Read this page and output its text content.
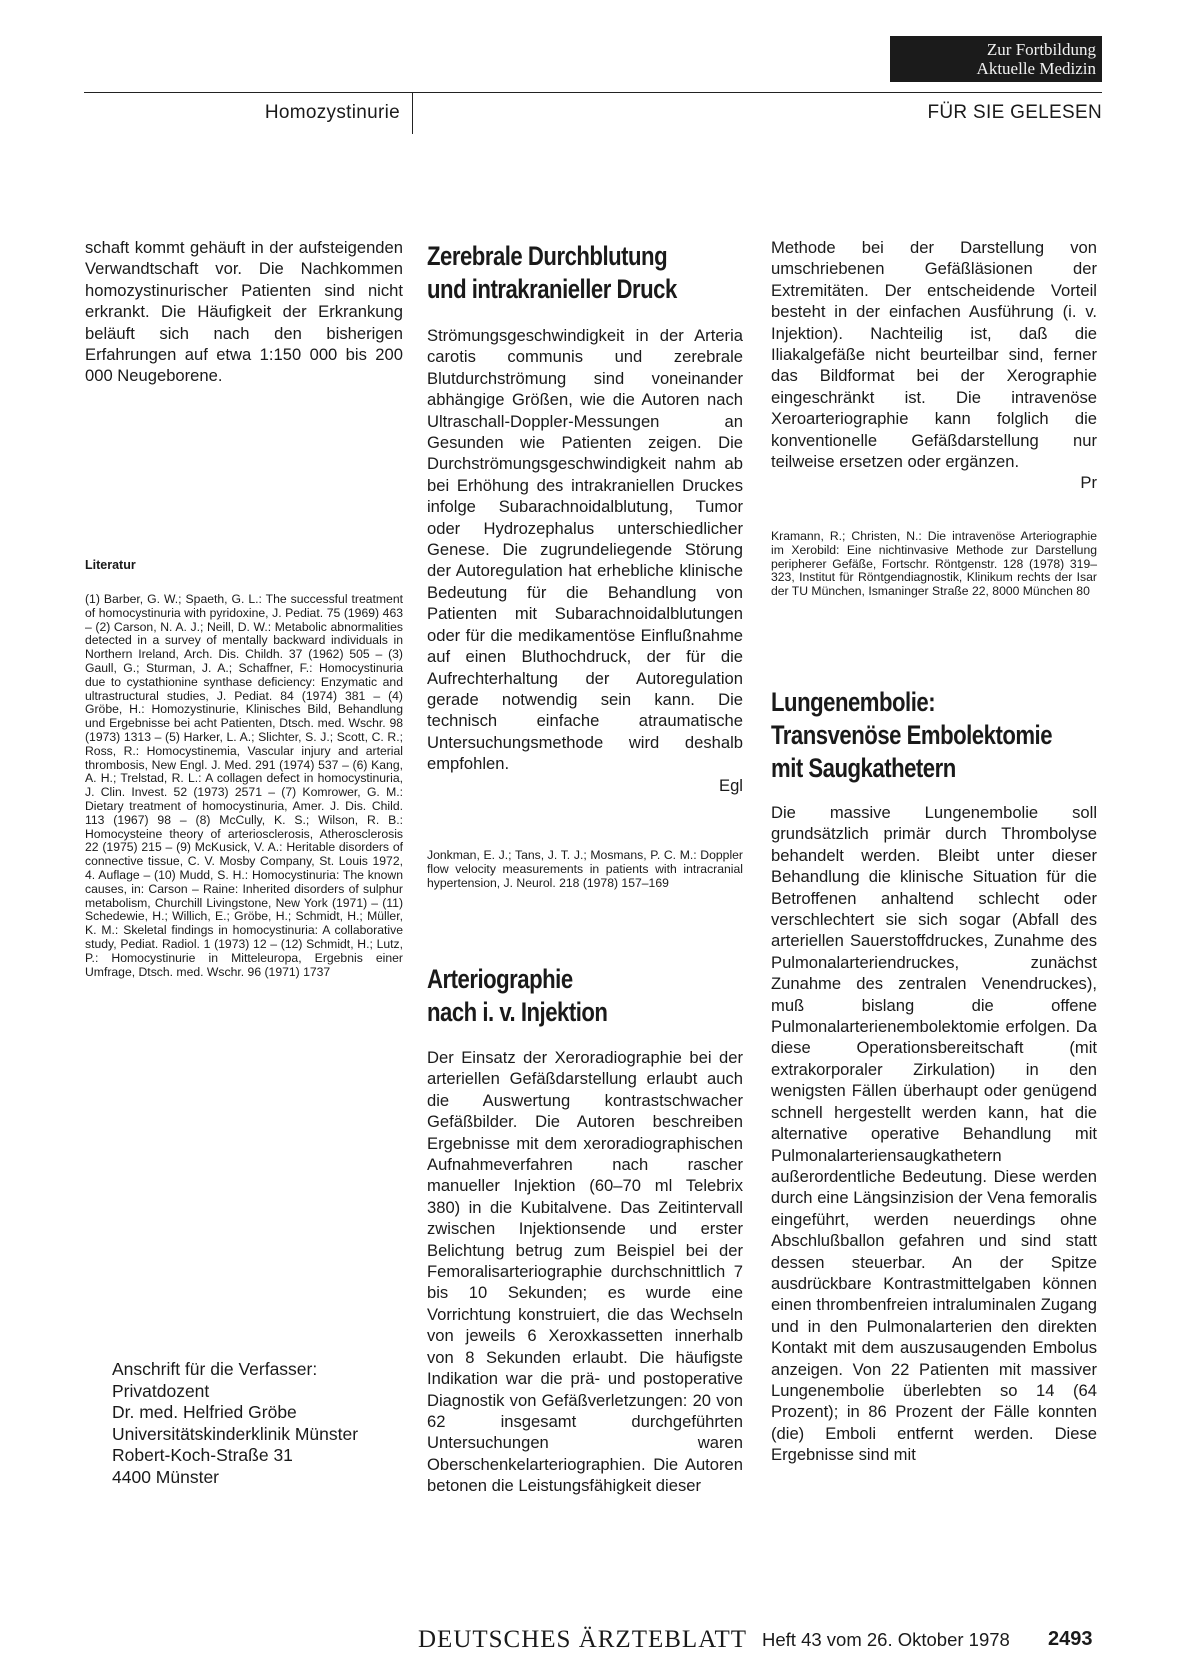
Zur Fortbildung
Aktuelle Medizin
Homozystinurie	FÜR SIE GELESEN
schaft kommt gehäuft in der aufsteigenden Verwandtschaft vor. Die Nachkommen homozystinurischer Patienten sind nicht erkrankt. Die Häufigkeit der Erkrankung beläuft sich nach den bisherigen Erfahrungen auf etwa 1:150 000 bis 200 000 Neugeborene.
Literatur
(1) Barber, G. W.; Spaeth, G. L.: The successful treatment of homocystinuria with pyridoxine, J. Pediat. 75 (1969) 463 – (2) Carson, N. A. J.; Neill, D. W.: Metabolic abnormalities detected in a survey of mentally backward individuals in Northern Ireland, Arch. Dis. Childh. 37 (1962) 505 – (3) Gaull, G.; Sturman, J. A.; Schaffner, F.: Homocystinuria due to cystathionine synthase deficiency: Enzymatic and ultrastructural studies, J. Pediat. 84 (1974) 381 – (4) Gröbe, H.: Homozystinurie, Klinisches Bild, Behandlung und Ergebnisse bei acht Patienten, Dtsch. med. Wschr. 98 (1973) 1313 – (5) Harker, L. A.; Slichter, S. J.; Scott, C. R.; Ross, R.: Homocystinemia, Vascular injury and arterial thrombosis, New Engl. J. Med. 291 (1974) 537 – (6) Kang, A. H.; Trelstad, R. L.: A collagen defect in homocystinuria, J. Clin. Invest. 52 (1973) 2571 – (7) Komrower, G. M.: Dietary treatment of homocystinuria, Amer. J. Dis. Child. 113 (1967) 98 – (8) McCully, K. S.; Wilson, R. B.: Homocysteine theory of arteriosclerosis, Atherosclerosis 22 (1975) 215 – (9) McKusick, V. A.: Heritable disorders of connective tissue, C. V. Mosby Company, St. Louis 1972, 4. Auflage – (10) Mudd, S. H.: Homocystinuria: The known causes, in: Carson – Raine: Inherited disorders of sulphur metabolism, Churchill Livingstone, New York (1971) – (11) Schedewie, H.; Willich, E.; Gröbe, H.; Schmidt, H.; Müller, K. M.: Skeletal findings in homocystinuria: A collaborative study, Pediat. Radiol. 1 (1973) 12 – (12) Schmidt, H.; Lutz, P.: Homocystinurie in Mitteleuropa, Ergebnis einer Umfrage, Dtsch. med. Wschr. 96 (1971) 1737
Anschrift für die Verfasser:
Privatdozent
Dr. med. Helfried Gröbe
Universitätskinderklinik Münster
Robert-Koch-Straße 31
4400 Münster
Zerebrale Durchblutung
und intrakranieller Druck
Strömungsgeschwindigkeit in der Arteria carotis communis und zerebrale Blutdurchströmung sind voneinander abhängige Größen, wie die Autoren nach Ultraschall-Doppler-Messungen an Gesunden wie Patienten zeigen. Die Durchströmungsgeschwindigkeit nahm ab bei Erhöhung des intrakraniellen Druckes infolge Subarachnoidalblutung, Tumor oder Hydrozephalus unterschiedlicher Genese. Die zugrundeliegende Störung der Autoregulation hat erhebliche klinische Bedeutung für die Behandlung von Patienten mit Subarachnoidalblutungen oder für die medikamentöse Einflußnahme auf einen Bluthochdruck, der für die Aufrechterhaltung der Autoregulation gerade notwendig sein kann. Die technisch einfache atraumatische Untersuchungsmethode wird deshalb empfohlen.
Egl
Jonkman, E. J.; Tans, J. T. J.; Mosmans, P. C. M.: Doppler flow velocity measurements in patients with intracranial hypertension, J. Neurol. 218 (1978) 157–169
Arteriographie
nach i. v. Injektion
Der Einsatz der Xeroradiographie bei der arteriellen Gefäßdarstellung erlaubt auch die Auswertung kontrastschwacher Gefäßbilder. Die Autoren beschreiben Ergebnisse mit dem xeroradiographischen Aufnahmeverfahren nach rascher manueller Injektion (60–70 ml Telebrix 380) in die Kubitalvene. Das Zeitintervall zwischen Injektionsende und erster Belichtung betrug zum Beispiel bei der Femoralisarteriographie durchschnittlich 7 bis 10 Sekunden; es wurde eine Vorrichtung konstruiert, die das Wechseln von jeweils 6 Xeroxkassetten innerhalb von 8 Sekunden erlaubt. Die häufigste Indikation war die prä- und postoperative Diagnostik von Gefäßverletzungen: 20 von 62 insgesamt durchgeführten Untersuchungen waren Oberschenkelarteriographien. Die Autoren betonen die Leistungsfähigkeit dieser
Methode bei der Darstellung von umschriebenen Gefäßläsionen der Extremitäten. Der entscheidende Vorteil besteht in der einfachen Ausführung (i. v. Injektion). Nachteilig ist, daß die Iliakalgefäße nicht beurteilbar sind, ferner das Bildformat bei der Xerographie eingeschränkt ist. Die intravenöse Xeroarteriographie kann folglich die konventionelle Gefäßdarstellung nur teilweise ersetzen oder ergänzen.
Pr
Kramann, R.; Christen, N.: Die intravenöse Arteriographie im Xerobild: Eine nichtinvasive Methode zur Darstellung peripherer Gefäße, Fortschr. Röntgenstr. 128 (1978) 319–323, Institut für Röntgendiagnostik, Klinikum rechts der Isar der TU München, Ismaninger Straße 22, 8000 München 80
Lungenembolie:
Transvenöse Embolektomie
mit Saugkathetern
Die massive Lungenembolie soll grundsätzlich primär durch Thrombolyse behandelt werden. Bleibt unter dieser Behandlung die klinische Situation für die Betroffenen anhaltend schlecht oder verschlechtert sie sich sogar (Abfall des arteriellen Sauerstoffdruckes, Zunahme des Pulmonalarteriendruckes, zunächst Zunahme des zentralen Venendruckes), muß bislang die offene Pulmonalarterienembolektomie erfolgen. Da diese Operationsbereitschaft (mit extrakorporaler Zirkulation) in den wenigsten Fällen überhaupt oder genügend schnell hergestellt werden kann, hat die alternative operative Behandlung mit Pulmonalarteriensaugkathetern außerordentliche Bedeutung. Diese werden durch eine Längsinzision der Vena femoralis eingeführt, werden neuerdings ohne Abschlußballon gefahren und sind statt dessen steuerbar. An der Spitze ausdrückbare Kontrastmittelgaben können einen thrombenfreien intraluminalen Zugang und in den Pulmonalarterien den direkten Kontakt mit dem auszusaugenden Embolus anzeigen. Von 22 Patienten mit massiver Lungenembolie überlebten so 14 (64 Prozent); in 86 Prozent der Fälle konnten (die) Emboli entfernt werden. Diese Ergebnisse sind mit
DEUTSCHES ÄRZTEBLATT Heft 43 vom 26. Oktober 1978 2493
